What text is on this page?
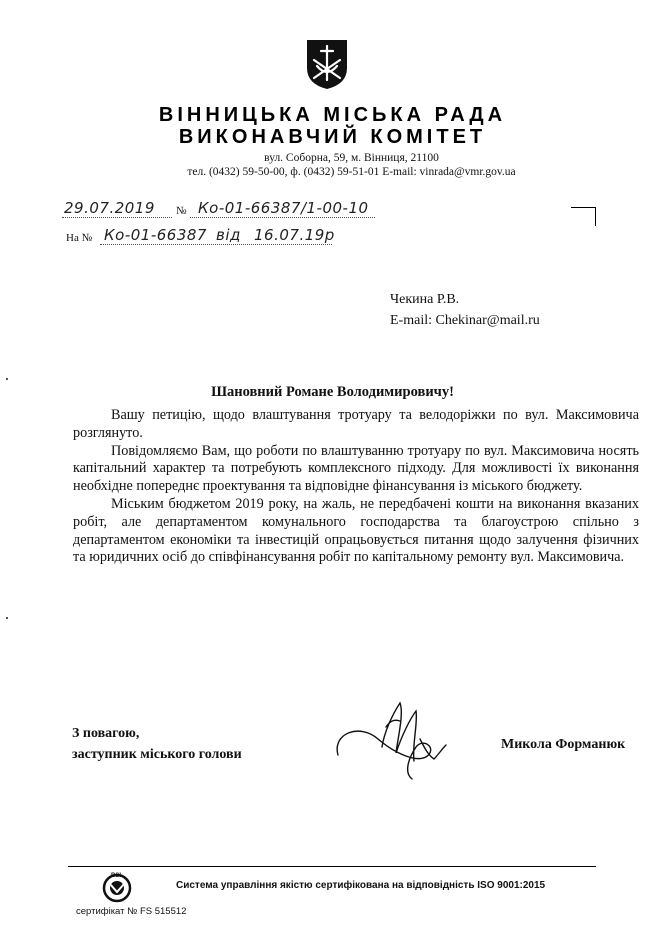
ВІННИЦЬКА МІСЬКА РАДА
ВИКОНАВЧИЙ КОМІТЕТ
вул. Соборна, 59, м. Вінниця, 21100
тел. (0432) 59-50-00, ф. (0432) 59-51-01 E-mail: vinrada@vmr.gov.ua
29.07.2019 № Ко-01-66387/1-00-10
На № Ко-01-66387 від 16.07.19р
Чекина Р.В.
E-mail: Chekinar@mail.ru
Шановний Романе Володимировичу!

Вашу петицію, щодо влаштування тротуару та велодоріжки по вул. Максимовича розглянуто.

Повідомляємо Вам, що роботи по влаштуванню тротуару по вул. Максимовича носять капітальний характер та потребують комплексного підходу. Для можливості їх виконання необхідне попереднє проектування та відповідне фінансування із міського бюджету.

Міським бюджетом 2019 року, на жаль, не передбачені кошти на виконання вказаних робіт, але департаментом комунального господарства та благоустрою спільно з департаментом економіки та інвестицій опрацьовується питання щодо залучення фізичних та юридичних осіб до співфінансування робіт по капітальному ремонту вул. Максимовича.

З повагою,
заступник міського голови
Микола Форманюк
BSI
Система управління якістю сертифікована на відповідність ISO 9001:2015
сертифікат № FS 515512
